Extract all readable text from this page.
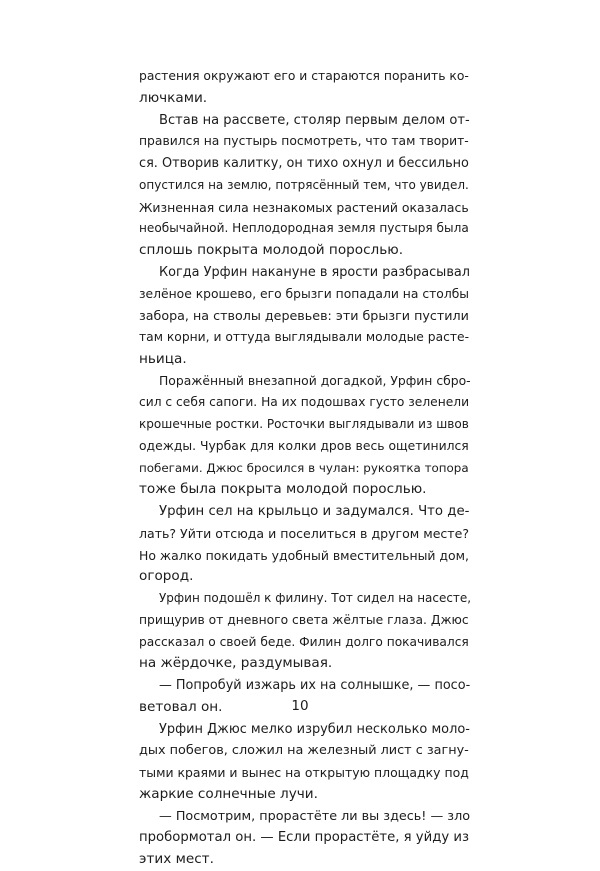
растения окружают его и стараются поранить ко-
лючками.
Встав на рассвете, столяр первым делом от-
правился на пустырь посмотреть, что там творит-
ся. Отворив калитку, он тихо охнул и бессильно
опустился на землю, потрясённый тем, что увидел.
Жизненная сила незнакомых растений оказалась
необычайной. Неплодородная земля пустыря была
сплошь покрыта молодой порослью.
Когда Урфин накануне в ярости разбрасывал
зелёное крошево, его брызги попадали на столбы
забора, на стволы деревьев: эти брызги пустили
там корни, и оттуда выглядывали молодые расте-
ньица.
Поражённый внезапной догадкой, Урфин сбро-
сил с себя сапоги. На их подошвах густо зеленели
крошечные ростки. Росточки выглядывали из швов
одежды. Чурбак для колки дров весь ощетинился
побегами. Джюс бросился в чулан: рукоятка топора
тоже была покрыта молодой порослью.
Урфин сел на крыльцо и задумался. Что де-
лать? Уйти отсюда и поселиться в другом месте?
Но жалко покидать удобный вместительный дом,
огород.
Урфин подошёл к филину. Тот сидел на насесте,
прищурив от дневного света жёлтые глаза. Джюс
рассказал о своей беде. Филин долго покачивался
на жёрдочке, раздумывая.
— Попробуй изжарь их на солнышке, — посо-
ветовал он.
Урфин Джюс мелко изрубил несколько моло-
дых побегов, сложил на железный лист с загну-
тыми краями и вынес на открытую площадку под
жаркие солнечные лучи.
— Посмотрим, прорастёте ли вы здесь! — зло
пробормотал он. — Если прорастёте, я уйду из
этих мест.
10
